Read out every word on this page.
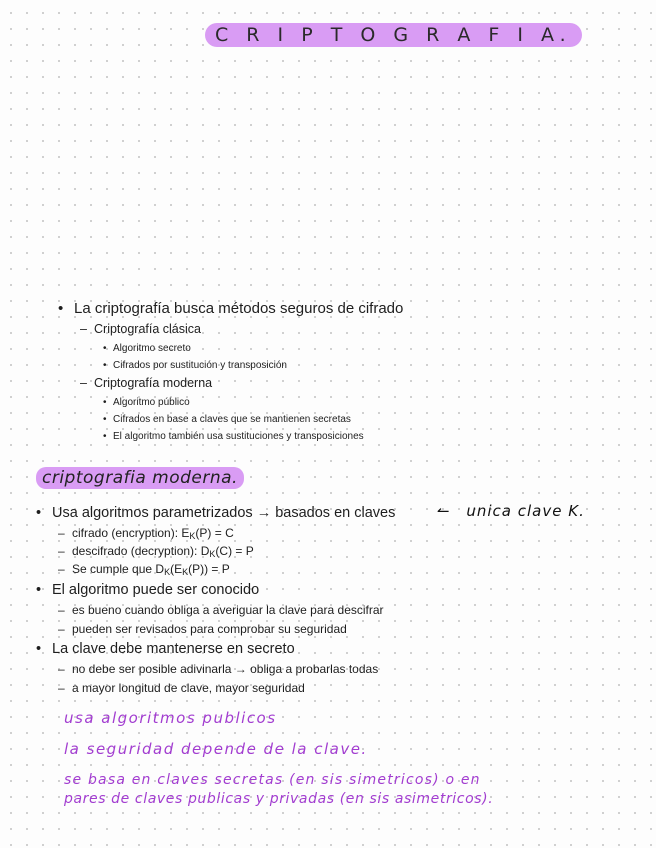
C R I P T O G R A F I A.
• La criptografía busca métodos seguros de cifrado
– Criptografía clásica
• Algoritmo secreto
• Cifrados por sustitución y transposición
– Criptografía moderna
• Algoritmo público
• Cifrados en base a claves que se mantienen secretas
• El algoritmo también usa sustituciones y transposiciones
criptografia moderna.
• Usa algoritmos parametrizados → basados en claves	↼ unica clave K.
– cifrado (encryption): $E_K(P) = C$
– descifrado (decryption): $D_K(C) = P$
– Se cumple que $D_K(E_K(P)) = P$
• El algoritmo puede ser conocido
– es bueno cuando obliga a averiguar la clave para descifrar
– pueden ser revisados para comprobar su seguridad
• La clave debe mantenerse en secreto
– no debe ser posible adivinarla → obliga a probarlas todas
– a mayor longitud de clave, mayor seguridad
usa algoritmos publicos
la seguridad depende de la clave.
se basa en claves secretas (en sis simetricos) o en
pares de claves publicas y privadas (en sis asimetricos).
